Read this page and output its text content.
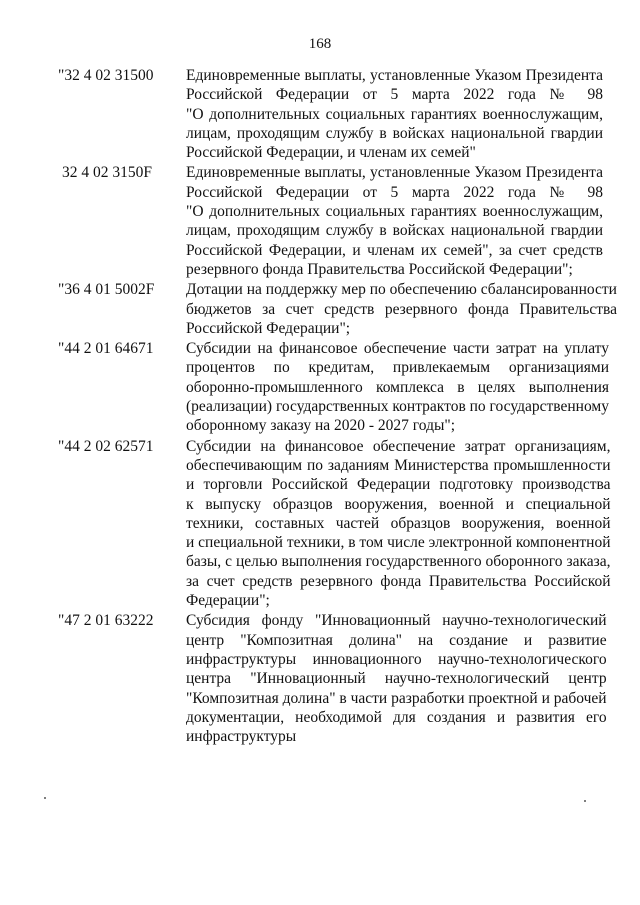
168
"32 4 02 31500	Единовременные выплаты, установленные Указом Президента
Российской Федерации от 5 марта 2022 года № 98
"О дополнительных социальных гарантиях военнослужащим,
лицам, проходящим службу в войсках национальной гвардии
Российской Федерации, и членам их семей"
32 4 02 3150F	Единовременные выплаты, установленные Указом Президента
Российской Федерации от 5 марта 2022 года № 98
"О дополнительных социальных гарантиях военнослужащим,
лицам, проходящим службу в войсках национальной гвардии
Российской Федерации, и членам их семей", за счет средств
резервного фонда Правительства Российской Федерации";
"36 4 01 5002F	Дотации на поддержку мер по обеспечению сбалансированности
бюджетов за счет средств резервного фонда Правительства
Российской Федерации";
"44 2 01 64671	Субсидии на финансовое обеспечение части затрат на уплату
процентов по кредитам, привлекаемым организациями
оборонно-промышленного комплекса в целях выполнения
(реализации) государственных контрактов по государственному
оборонному заказу на 2020 - 2027 годы";
"44 2 02 62571	Субсидии на финансовое обеспечение затрат организациям,
обеспечивающим по заданиям Министерства промышленности
и торговли Российской Федерации подготовку производства
к выпуску образцов вооружения, военной и специальной
техники, составных частей образцов вооружения, военной
и специальной техники, в том числе электронной компонентной
базы, с целью выполнения государственного оборонного заказа,
за счет средств резервного фонда Правительства Российской
Федерации";
"47 2 01 63222	Субсидия фонду "Инновационный научно-технологический
центр "Композитная долина" на создание и развитие
инфраструктуры инновационного научно-технологического
центра "Инновационный научно-технологический центр
"Композитная долина" в части разработки проектной и рабочей
документации, необходимой для создания и развития его
инфраструктуры
